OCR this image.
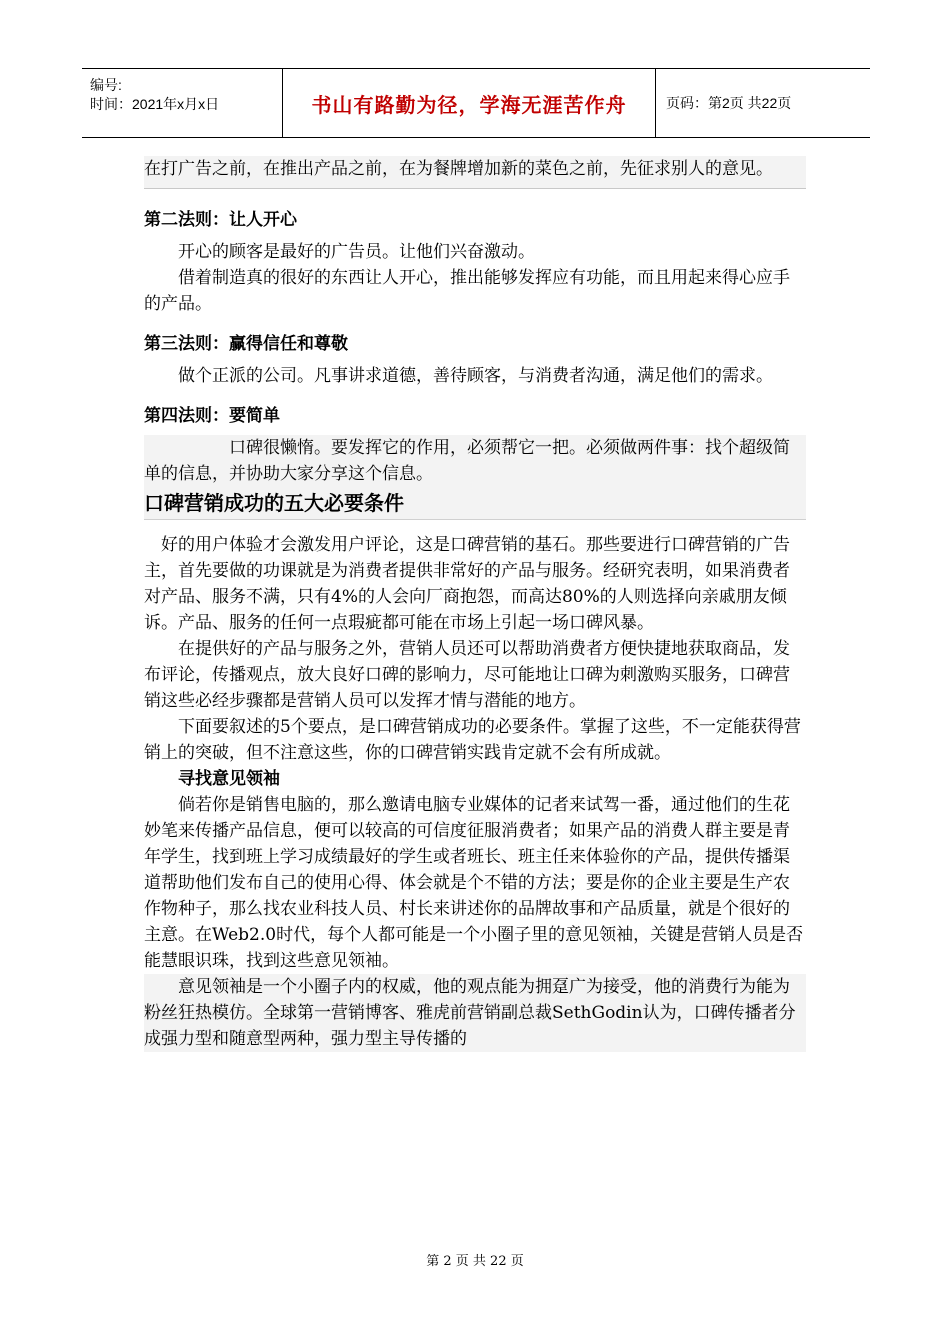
编号:
时间：2021年x月x日	书山有路勤为径，学海无涯苦作舟	页码：第2页 共22页

在打广告之前，在推出产品之前，在为餐牌增加新的菜色之前，先征求别人的意见。

第二法则：让人开心

开心的顾客是最好的广告员。让他们兴奋激动。

借着制造真的很好的东西让人开心，推出能够发挥应有功能，而且用起来得心应手的产品。

第三法则：赢得信任和尊敬

做个正派的公司。凡事讲求道德，善待顾客，与消费者沟通，满足他们的需求。

第四法则：要简单

口碑很懒惰。要发挥它的作用，必须帮它一把。必须做两件事：找个超级简单的信息，并协助大家分享这个信息。

口碑营销成功的五大必要条件

好的用户体验才会激发用户评论，这是口碑营销的基石。那些要进行口碑营销的广告主，首先要做的功课就是为消费者提供非常好的产品与服务。经研究表明，如果消费者对产品、服务不满，只有4%的人会向厂商抱怨，而高达80%的人则选择向亲戚朋友倾诉。产品、服务的任何一点瑕疵都可能在市场上引起一场口碑风暴。

在提供好的产品与服务之外，营销人员还可以帮助消费者方便快捷地获取商品，发布评论，传播观点，放大良好口碑的影响力，尽可能地让口碑为刺激购买服务，口碑营销这些必经步骤都是营销人员可以发挥才情与潜能的地方。

下面要叙述的5个要点，是口碑营销成功的必要条件。掌握了这些，不一定能获得营销上的突破，但不注意这些，你的口碑营销实践肯定就不会有所成就。

寻找意见领袖

倘若你是销售电脑的，那么邀请电脑专业媒体的记者来试驾一番，通过他们的生花妙笔来传播产品信息，便可以较高的可信度征服消费者；如果产品的消费人群主要是青年学生，找到班上学习成绩最好的学生或者班长、班主任来体验你的产品，提供传播渠道帮助他们发布自己的使用心得、体会就是个不错的方法；要是你的企业主要是生产农作物种子，那么找农业科技人员、村长来讲述你的品牌故事和产品质量，就是个很好的主意。在Web2.0时代，每个人都可能是一个小圈子里的意见领袖，关键是营销人员是否能慧眼识珠，找到这些意见领袖。

意见领袖是一个小圈子内的权威，他的观点能为拥趸广为接受，他的消费行为能为粉丝狂热模仿。全球第一营销博客、雅虎前营销副总裁SethGodin认为，口碑传播者分成强力型和随意型两种，强力型主导传播的

第 2 页 共 22 页
